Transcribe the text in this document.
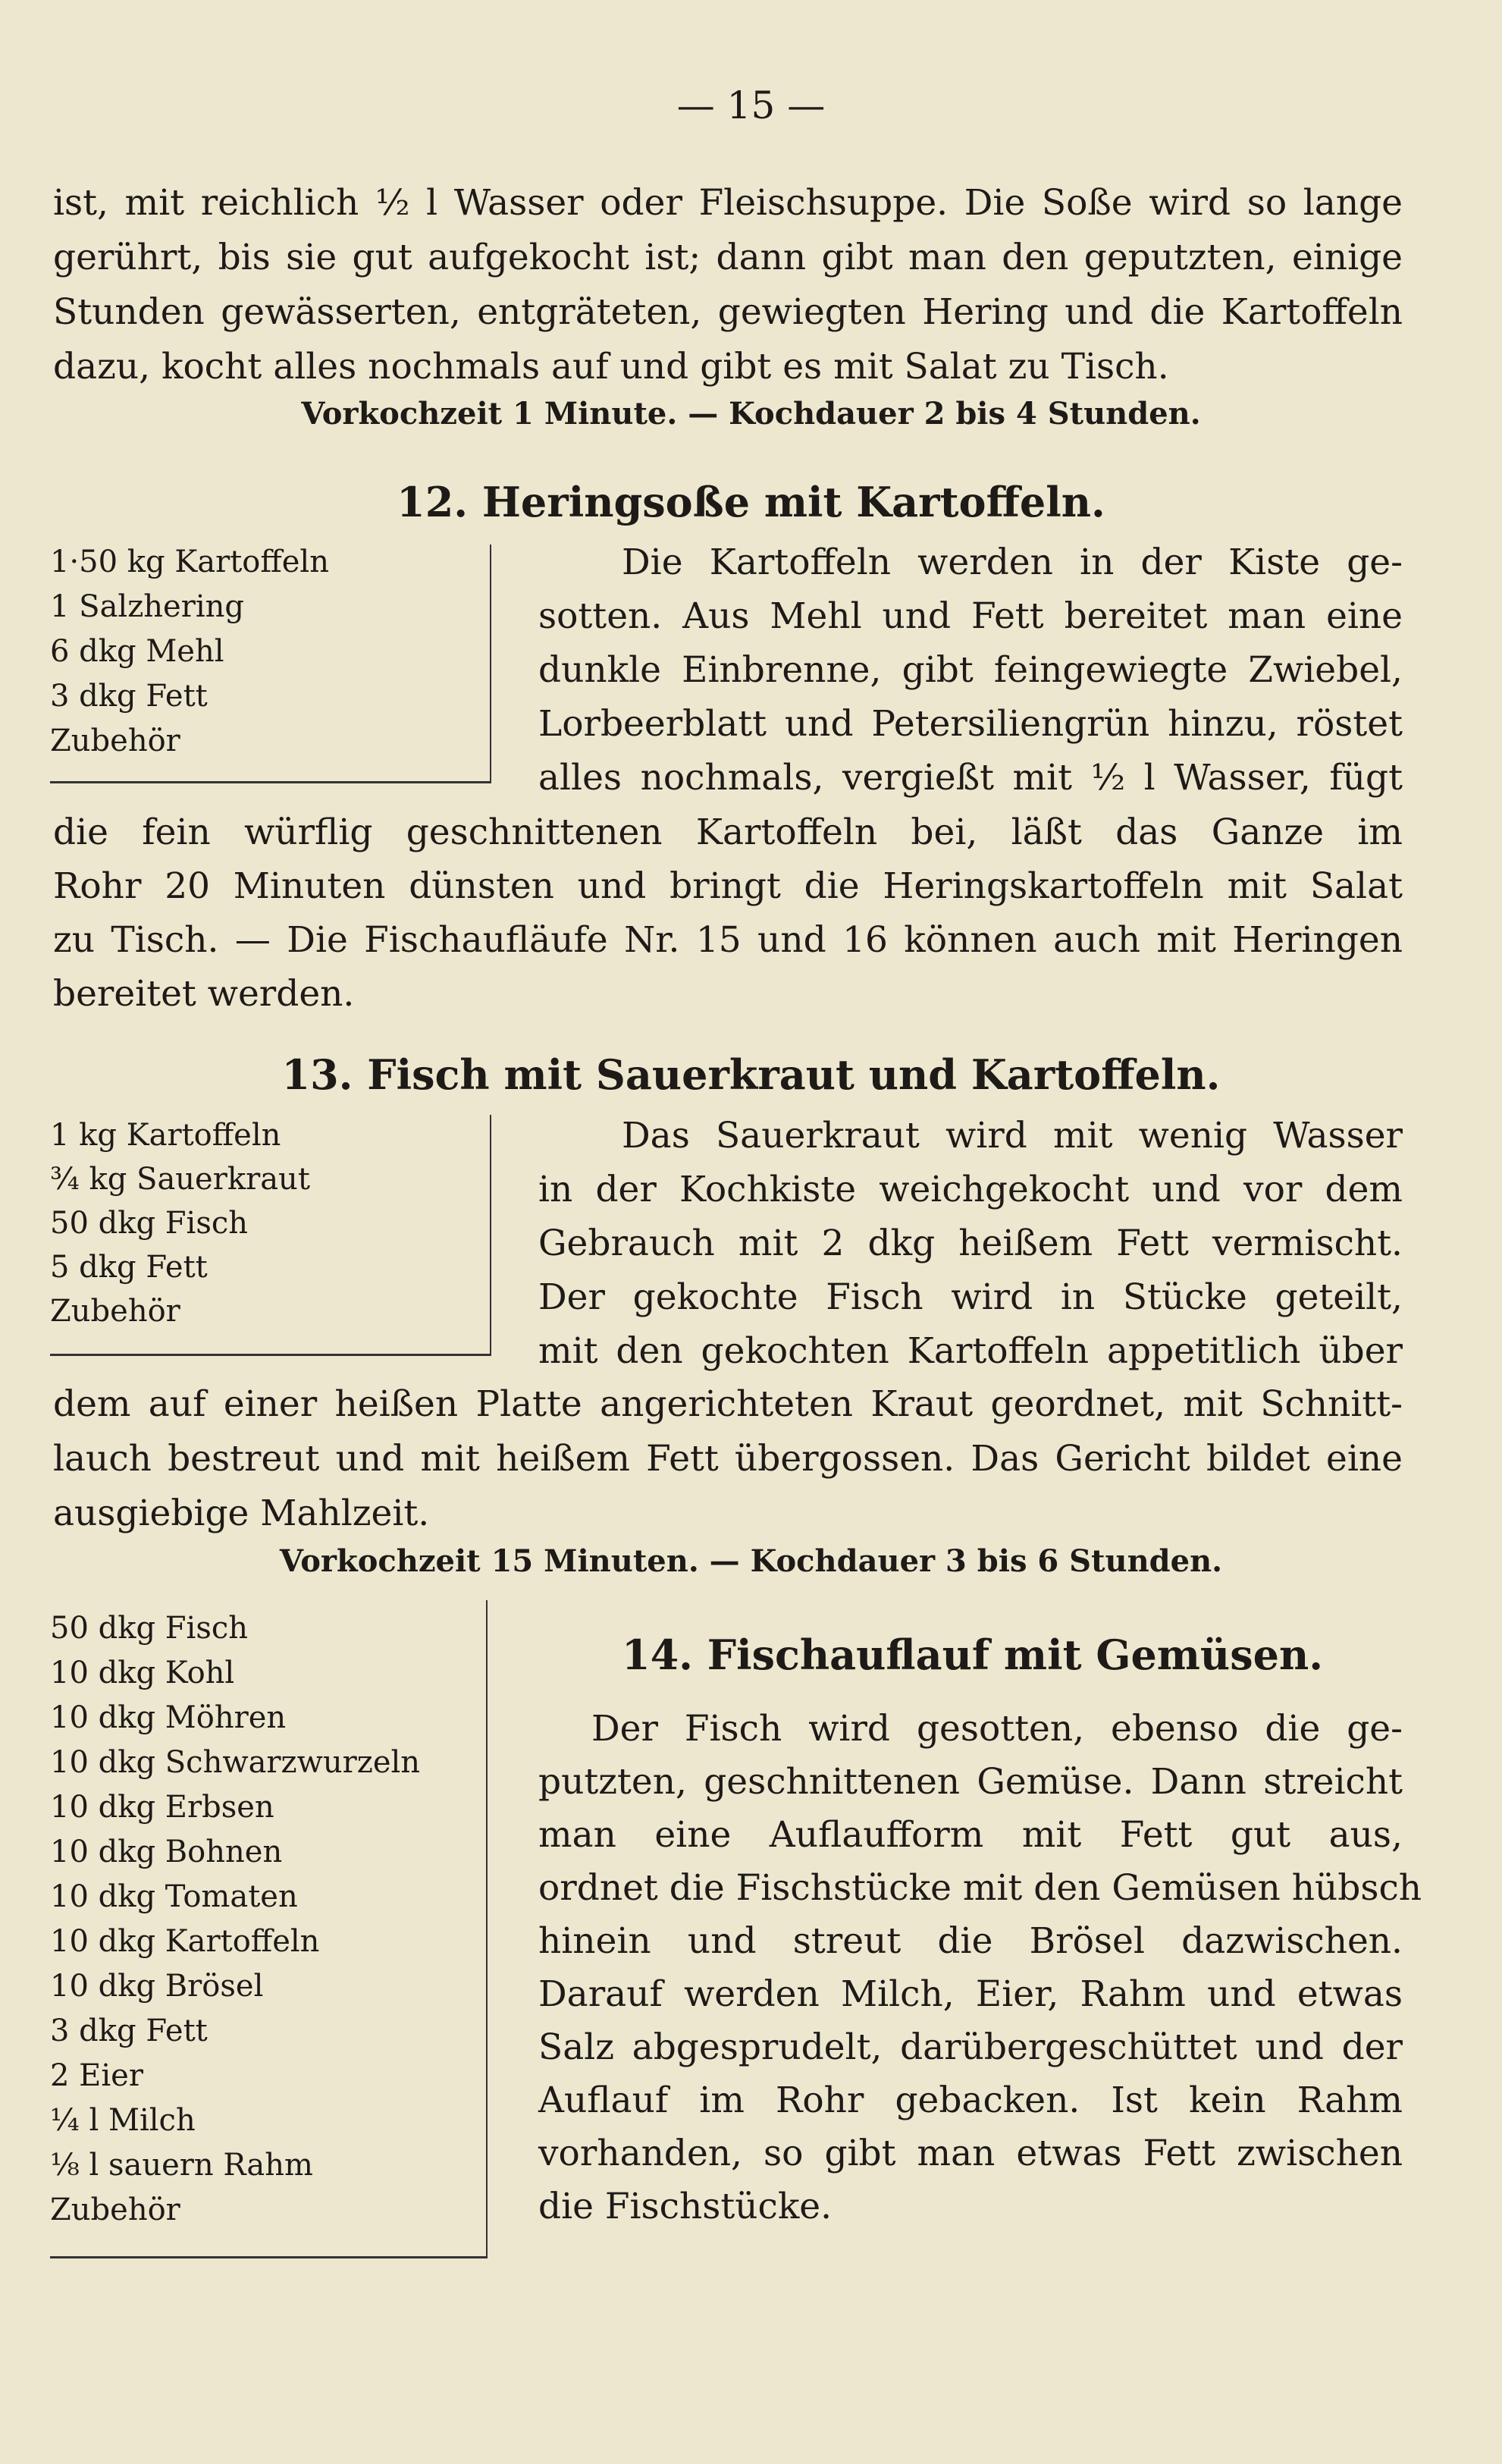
— 15 —
ist, mit reichlich ½ l Wasser oder Fleischsuppe. Die Soße wird so lange
gerührt, bis sie gut aufgekocht ist; dann gibt man den geputzten, einige
Stunden gewässerten, entgräteten, gewiegten Hering und die Kartoffeln
dazu, kocht alles nochmals auf und gibt es mit Salat zu Tisch.
Vorkochzeit 1 Minute. — Kochdauer 2 bis 4 Stunden.
12. Heringsoße mit Kartoffeln.
1·50 kg Kartoffeln
1 Salzhering
6 dkg Mehl
3 dkg Fett
Zubehör
Die Kartoffeln werden in der Kiste ge-
sotten. Aus Mehl und Fett bereitet man eine
dunkle Einbrenne, gibt feingewiegte Zwiebel,
Lorbeerblatt und Petersiliengrün hinzu, röstet
alles nochmals, vergießt mit ½ l Wasser, fügt
die fein würflig geschnittenen Kartoffeln bei, läßt das Ganze im
Rohr 20 Minuten dünsten und bringt die Heringskartoffeln mit Salat
zu Tisch. — Die Fischaufläufe Nr. 15 und 16 können auch mit Heringen
bereitet werden.
13. Fisch mit Sauerkraut und Kartoffeln.
1 kg Kartoffeln
¾ kg Sauerkraut
50 dkg Fisch
5 dkg Fett
Zubehör
Das Sauerkraut wird mit wenig Wasser
in der Kochkiste weichgekocht und vor dem
Gebrauch mit 2 dkg heißem Fett vermischt.
Der gekochte Fisch wird in Stücke geteilt,
mit den gekochten Kartoffeln appetitlich über
dem auf einer heißen Platte angerichteten Kraut geordnet, mit Schnitt-
lauch bestreut und mit heißem Fett übergossen. Das Gericht bildet eine
ausgiebige Mahlzeit.
Vorkochzeit 15 Minuten. — Kochdauer 3 bis 6 Stunden.
14. Fischauflauf mit Gemüsen.
50 dkg Fisch
10 dkg Kohl
10 dkg Möhren
10 dkg Schwarzwurzeln
10 dkg Erbsen
10 dkg Bohnen
10 dkg Tomaten
10 dkg Kartoffeln
10 dkg Brösel
3 dkg Fett
2 Eier
¼ l Milch
⅛ l sauern Rahm
Zubehör
Der Fisch wird gesotten, ebenso die ge-
putzten, geschnittenen Gemüse. Dann streicht
man eine Auflaufform mit Fett gut aus,
ordnet die Fischstücke mit den Gemüsen hübsch
hinein und streut die Brösel dazwischen.
Darauf werden Milch, Eier, Rahm und etwas
Salz abgesprudelt, darübergeschüttet und der
Auflauf im Rohr gebacken. Ist kein Rahm
vorhanden, so gibt man etwas Fett zwischen
die Fischstücke.
